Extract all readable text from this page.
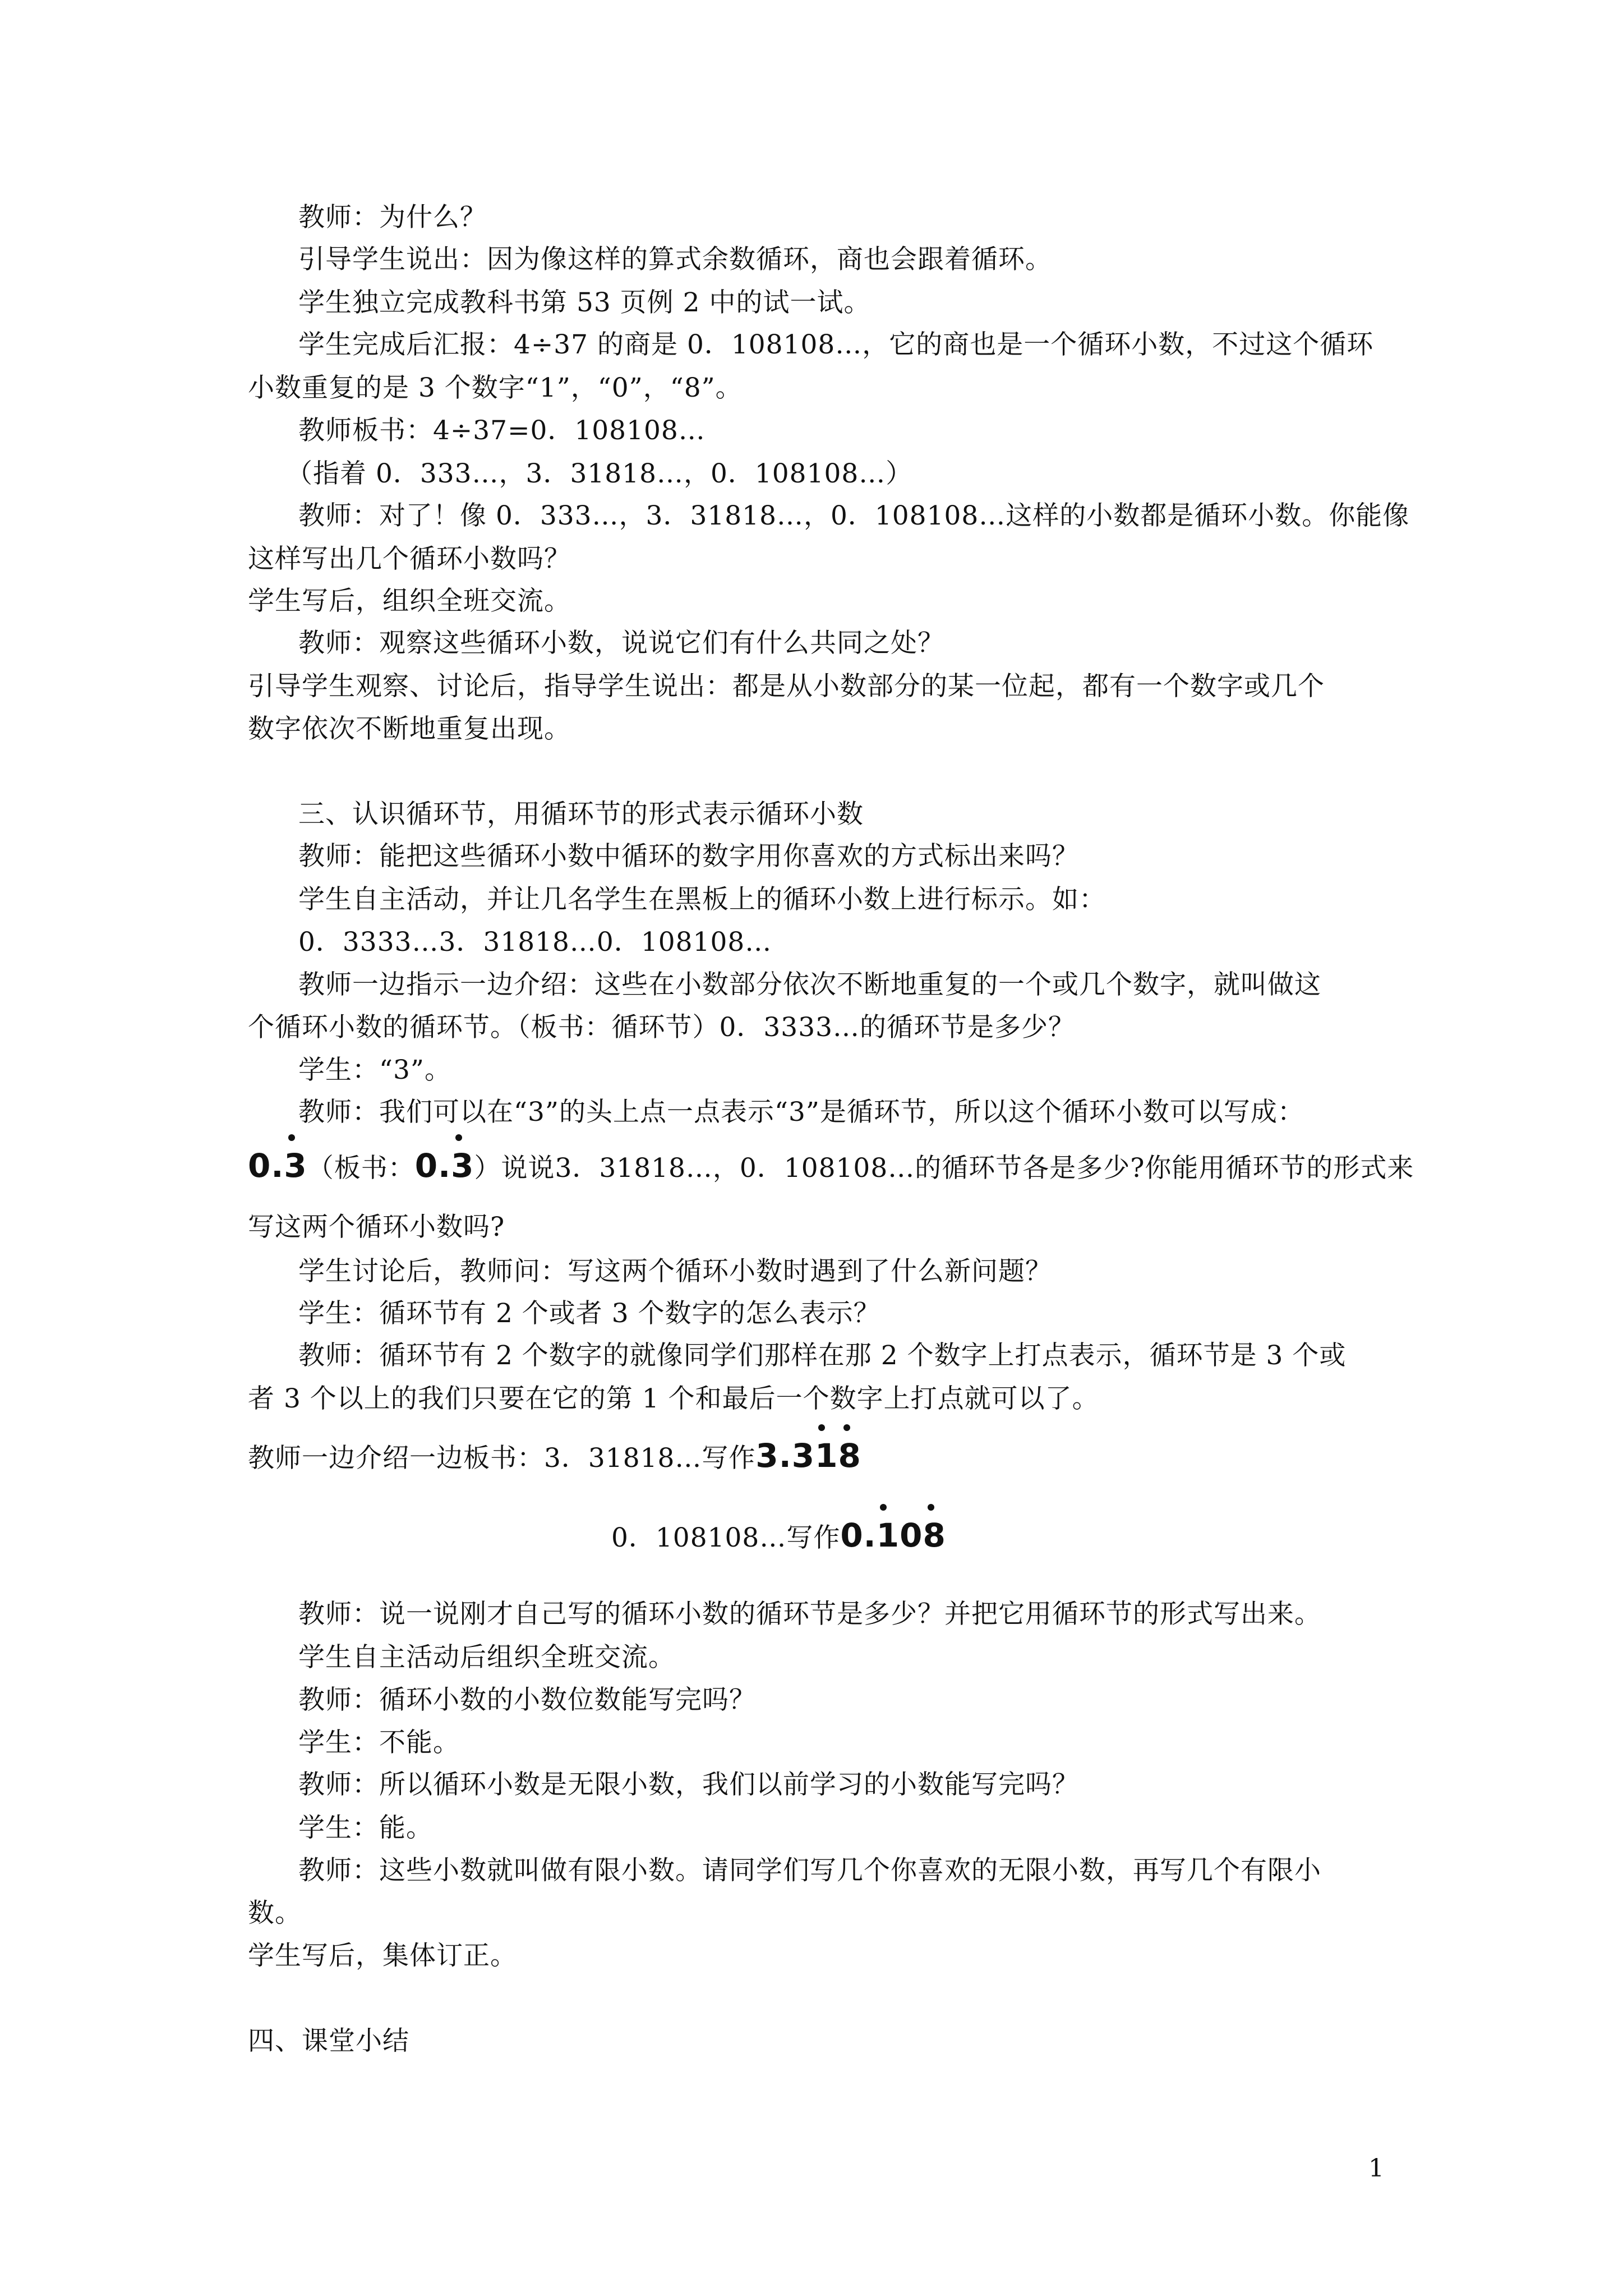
教师：为什么？
引导学生说出：因为像这样的算式余数循环，商也会跟着循环。
学生独立完成教科书第 53 页例 2 中的试一试。
学生完成后汇报：4÷37 的商是 0．108108…，它的商也是一个循环小数，不过这个循环
小数重复的是 3 个数字“1”，“0”，“8”。
教师板书：4÷37=0．108108…
（指着 0．333…，3．31818…，0．108108…）
教师：对了！像 0．333…，3．31818…，0．108108…这样的小数都是循环小数。你能像
这样写出几个循环小数吗？
学生写后，组织全班交流。
教师：观察这些循环小数，说说它们有什么共同之处？
引导学生观察、讨论后，指导学生说出：都是从小数部分的某一位起，都有一个数字或几个
数字依次不断地重复出现。
三、认识循环节，用循环节的形式表示循环小数
教师：能把这些循环小数中循环的数字用你喜欢的方式标出来吗？
学生自主活动，并让几名学生在黑板上的循环小数上进行标示。如：
0．3333…3．31818…0．108108…
教师一边指示一边介绍：这些在小数部分依次不断地重复的一个或几个数字，就叫做这
个循环小数的循环节。（板书：循环节）0．3333…的循环节是多少？
学生：“3”。
教师：我们可以在“3”的头上点一点表示“3”是循环节，所以这个循环小数可以写成：
0.
3（板书：0.
3）说说3．31818…，0．108108…的循环节各是多少?你能用循环节的形式来
写这两个循环小数吗?
学生讨论后，教师问：写这两个循环小数时遇到了什么新问题？
学生：循环节有 2 个或者 3 个数字的怎么表示？
教师：循环节有 2 个数字的就像同学们那样在那 2 个数字上打点表示，循环节是 3 个或
者 3 个以上的我们只要在它的第 1 个和最后一个数字上打点就可以了。
教师一边介绍一边板书：3．31818…写作3.3
1
8
0．108108…写作0.
10
8
教师：说一说刚才自己写的循环小数的循环节是多少？并把它用循环节的形式写出来。
学生自主活动后组织全班交流。
教师：循环小数的小数位数能写完吗？
学生：不能。
教师：所以循环小数是无限小数，我们以前学习的小数能写完吗？
学生：能。
教师：这些小数就叫做有限小数。请同学们写几个你喜欢的无限小数，再写几个有限小
数。
学生写后，集体订正。
四、课堂小结
1
